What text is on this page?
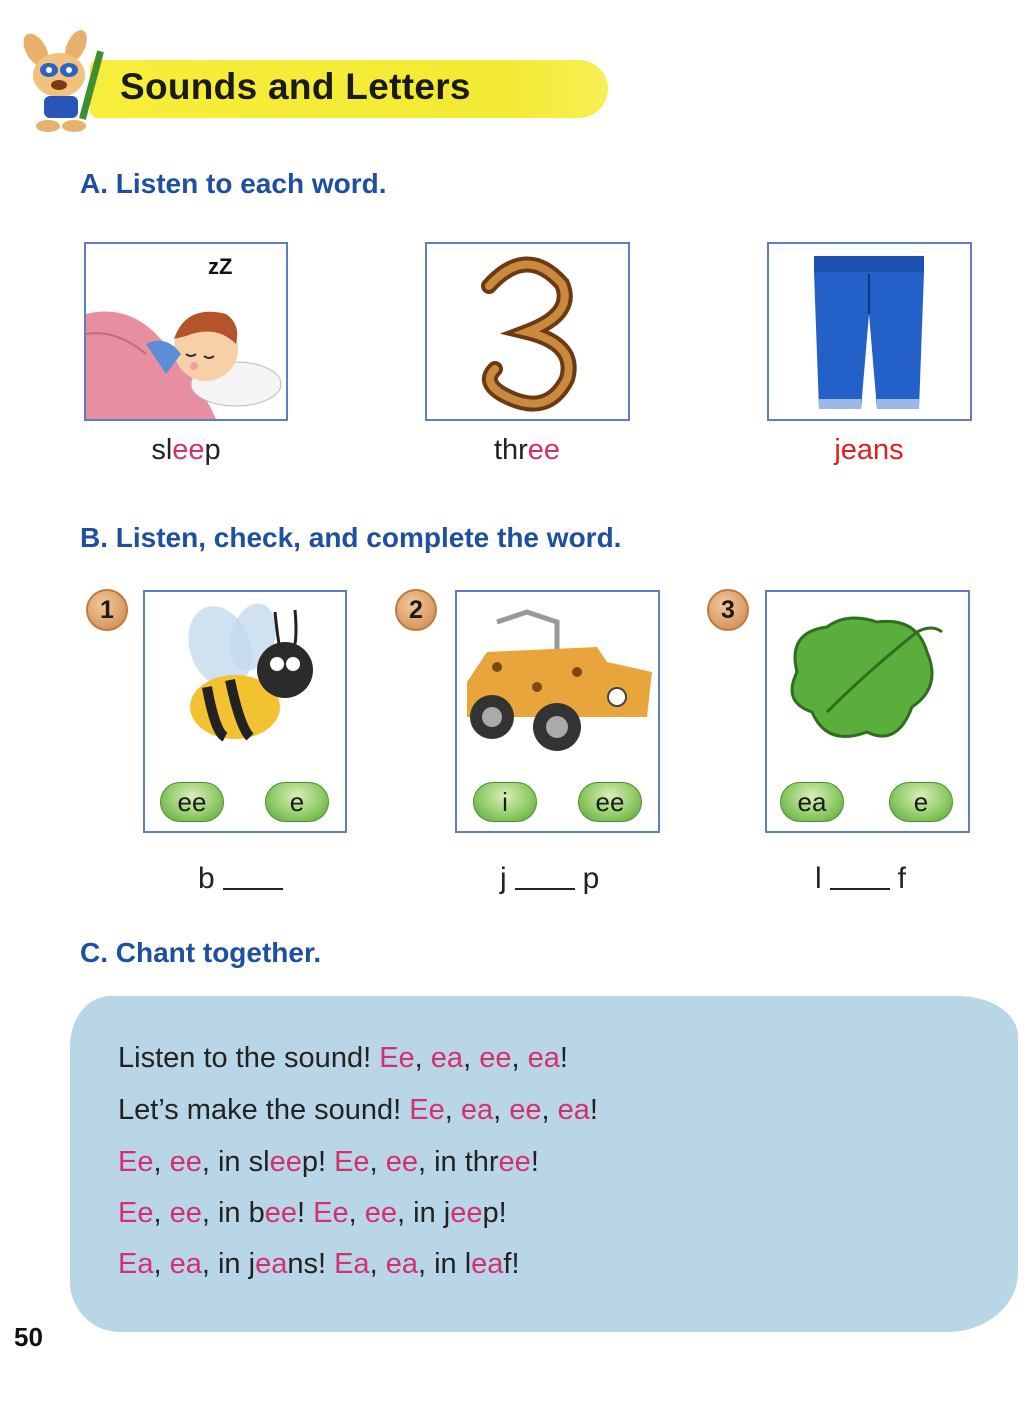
Sounds and Letters
A. Listen to each word.
zZ
sleep	three	jeans
B. Listen, check, and complete the word.
1
ee	e
b
2
i	ee
j	p
3
ea	e
l	f
C. Chant together.
Listen to the sound! Ee, ea, ee, ea!
Let’s make the sound! Ee, ea, ee, ea!
Ee, ee, in sleep! Ee, ee, in three!
Ee, ee, in bee! Ee, ee, in jeep!
Ea, ea, in jeans! Ea, ea, in leaf!
50
